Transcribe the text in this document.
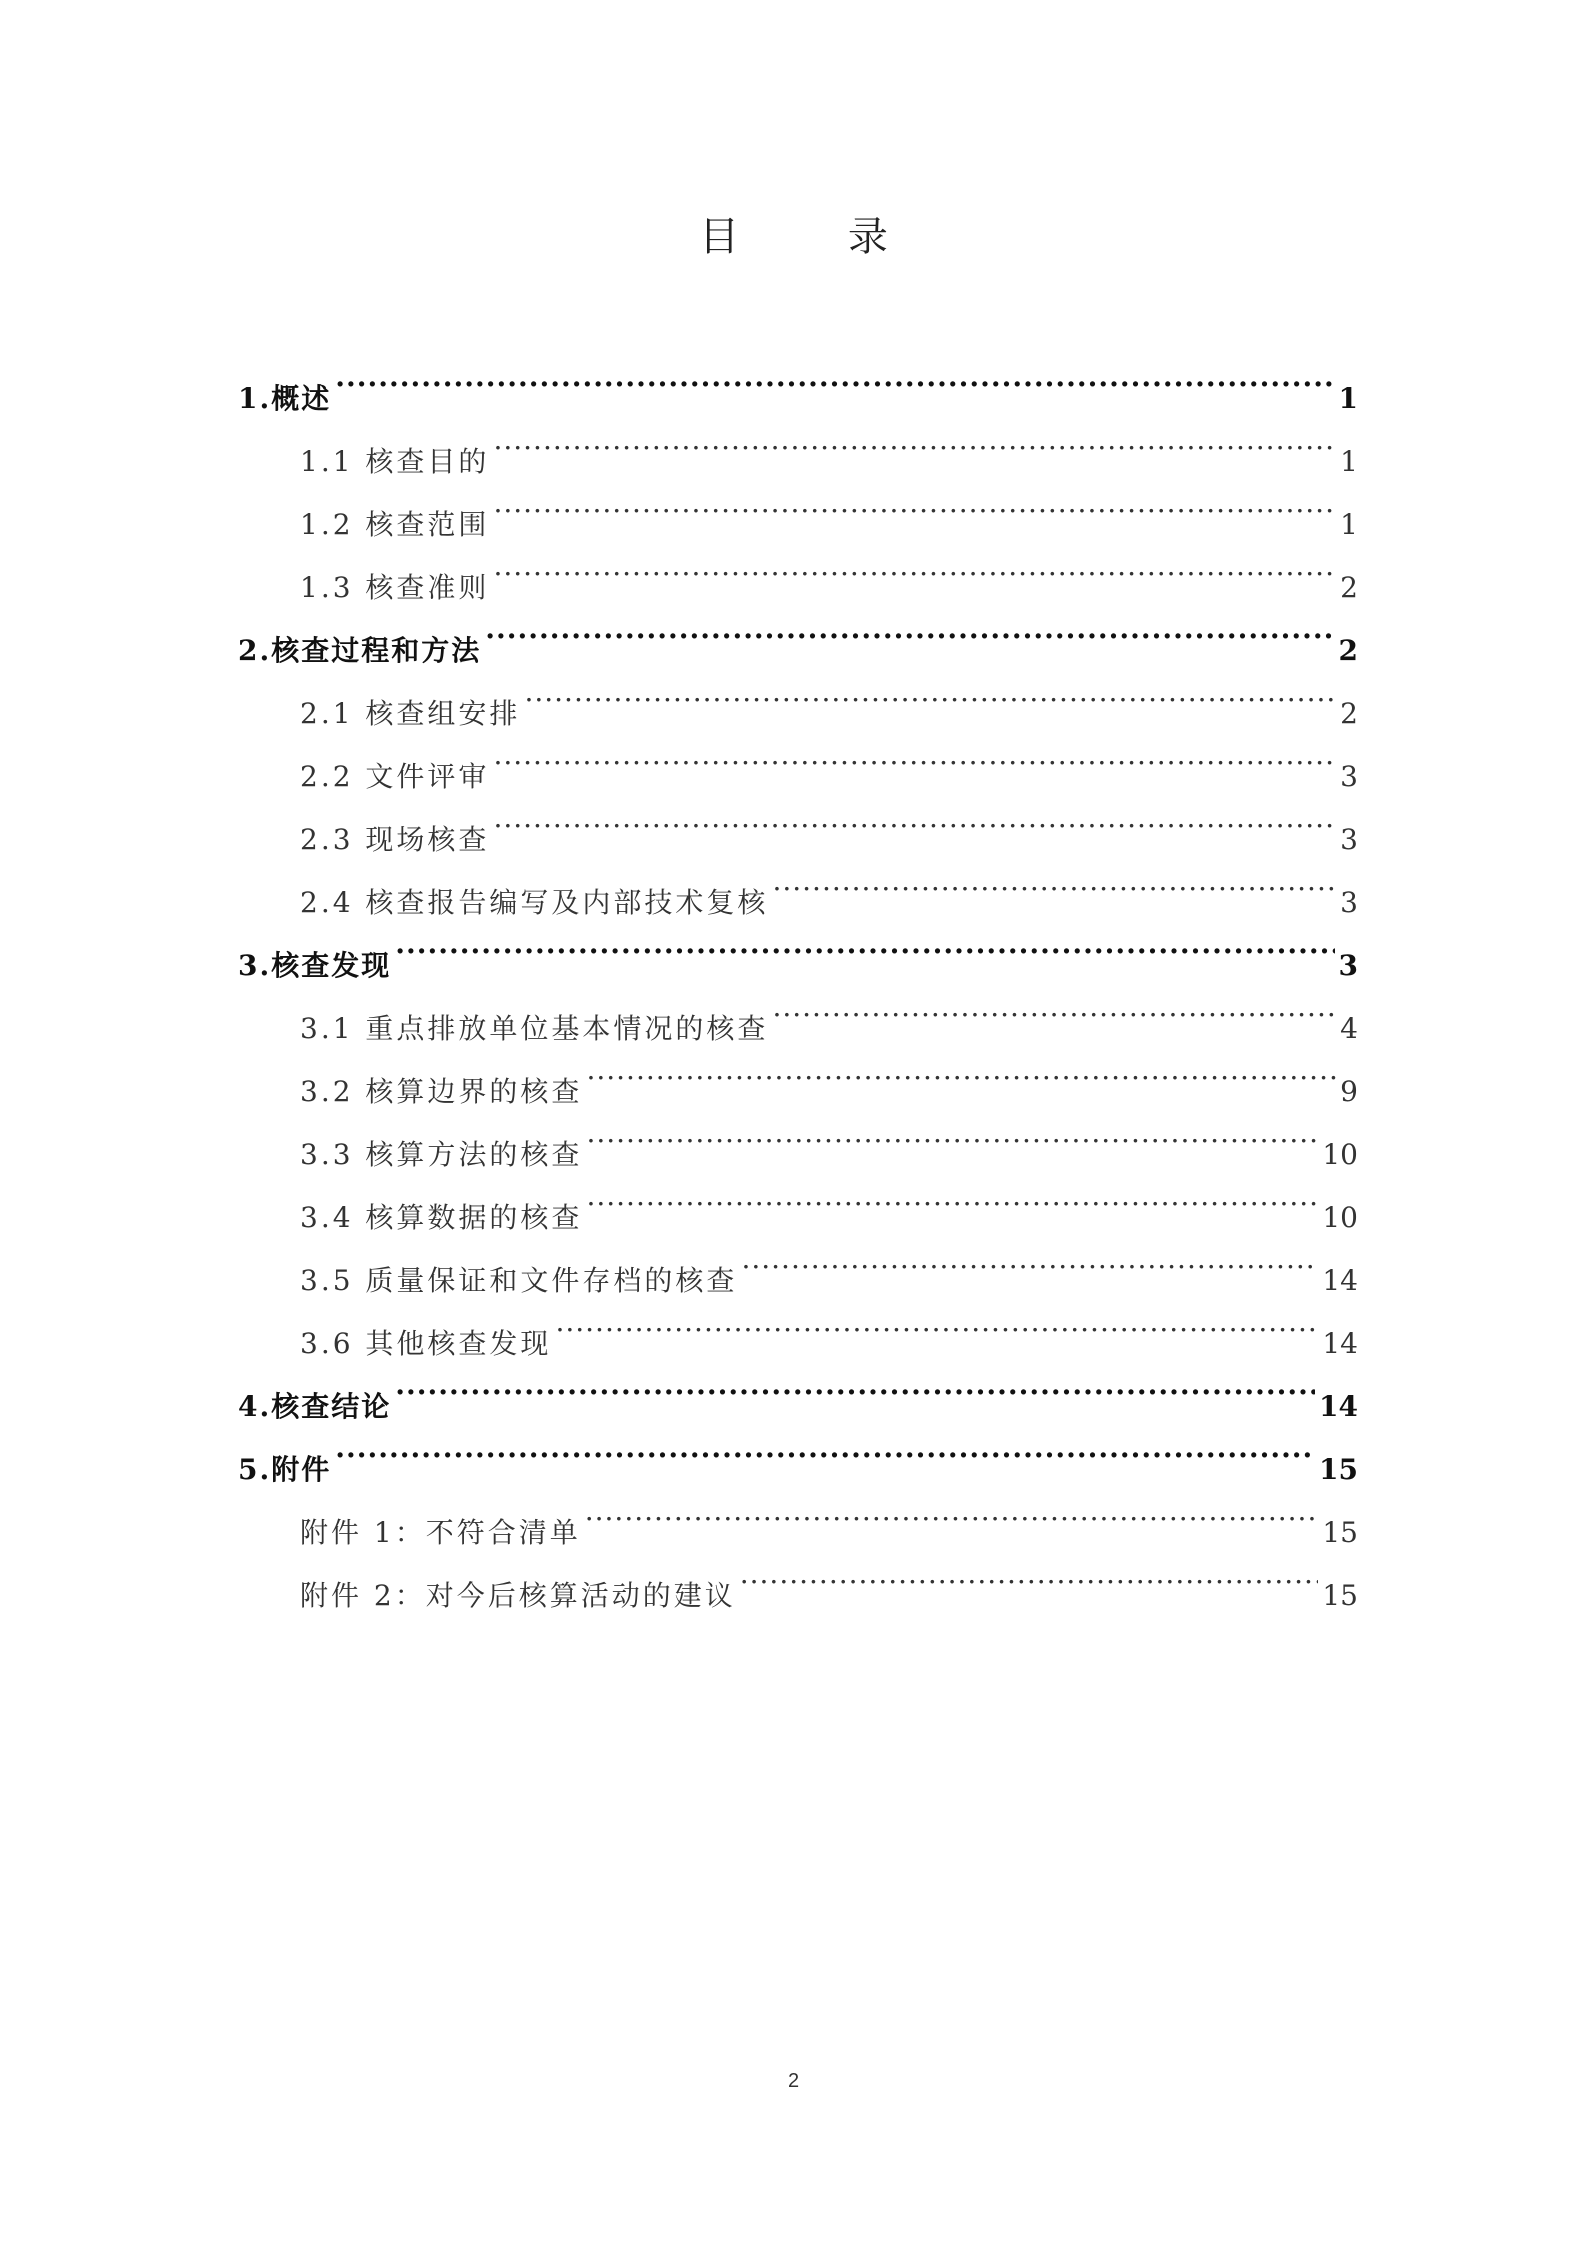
目 录
1.概述 .....	1
1.1 核查目的 .....	1
1.2 核查范围 .....	1
1.3 核查准则 .....	2
2.核查过程和方法 .....	2
2.1 核查组安排 .....	2
2.2 文件评审 .....	3
2.3 现场核查 .....	3
2.4 核查报告编写及内部技术复核 .....	3
3.核查发现 .....	3
3.1 重点排放单位基本情况的核查 .....	4
3.2 核算边界的核查 .....	9
3.3 核算方法的核查 .....	10
3.4 核算数据的核查 .....	10
3.5 质量保证和文件存档的核查 .....	14
3.6 其他核查发现 .....	14
4.核查结论 .....	14
5.附件 .....	15
附件 1：不符合清单 .....	15
附件 2：对今后核算活动的建议 .....	15
2
